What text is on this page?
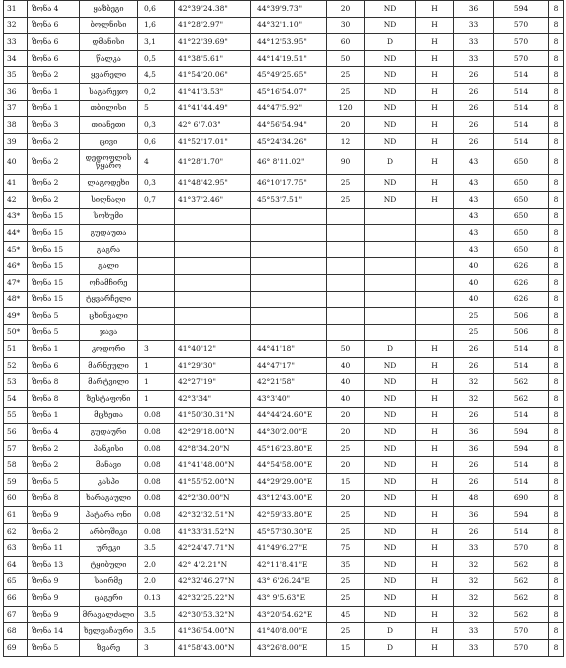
31	ზონა 4	ყაზბეგი	0,6	42°39'24.38"	44°39'9.73"	20	ND	H	36	594	8
32	ზონა 6	ბოლნისი	1,6	41°28'2.97"	44°32'1.10"	30	ND	H	33	570	8
33	ზონა 6	დმანისი	3,1	41°22'39.69"	44°12'53.95"	60	D	H	33	570	8
34	ზონა 6	წალკა	0,5	41°38'5.61"	44°14'19.51"	50	ND	H	33	570	8
35	ზონა 2	ყვარელი	4,5	41°54'20.06"	45°49'25.65"	25	ND	H	26	514	8
36	ზონა 1	საგარეჯო	0,2	41°41'3.53"	45°16'54.07"	25	ND	H	26	514	8
37	ზონა 1	თბილისი	5	41°41'44.49"	44°47'5.92"	120	ND	H	26	514	8
38	ზონა 3	თიანეთი	0,3	42° 6'7.03"	44°56'54.94"	20	ND	H	26	514	8
39	ზონა 2	ცივი	0,6	41°52'17.01"	45°24'34.26"	12	ND	H	26	514	8
40	ზონა 2	დედოფლის წყარო	4	41°28'1.70"	46° 8'11.02"	90	D	H	43	650	8
41	ზონა 2	ლაგოდეხი	0,3	41°48'42.95"	46°10'17.75"	25	ND	H	43	650	8
42	ზონა 2	სიღნაღი	0,7	41°37'2.46"	45°53'7.51"	25	ND	H	43	650	8
43*	ზონა 15	სოხუმი							43	650	8
44*	ზონა 15	გუდაუთა							43	650	8
45*	ზონა 15	გაგრა							43	650	8
46*	ზონა 15	გალი							40	626	8
47*	ზონა 15	ოჩამჩირე							40	626	8
48*	ზონა 15	ტყვარჩელი							40	626	8
49*	ზონა 5	ცხინვალი							25	506	8
50*	ზონა 5	ჯავა							25	506	8
51	ზონა 1	კოდორი	3	41°40'12"	44°41'18"	50	D	H	26	514	8
52	ზონა 6	მარნეული	1	41°29'30"	44°47'17"	40	ND	H	26	514	8
53	ზონა 8	მარტვილი	1	42°27'19"	42°21'58"	40	ND	H	32	562	8
54	ზონა 8	ზესტაფონი	1	42°3'34"	43°3'40"	40	ND	H	32	562	8
55	ზონა 1	მცხეთა	0.08	41°50'30.31"N	44°44'24.60"E	20	ND	H	26	514	8
56	ზონა 4	გუდაური	0.08	42°29'18.00"N	44°30'2.00"E	20	ND	H	36	594	8
57	ზონა 2	პანკისი	0.08	42°8'34.20"N	45°16'23.80"E	25	ND	H	36	594	8
58	ზონა 2	მანავი	0.08	41°41'48.00"N	44°54'58.00"E	20	ND	H	26	514	8
59	ზონა 5	კასპი	0.08	41°55'52.00"N	44°29'29.00"E	15	ND	H	26	514	8
60	ზონა 8	ხარაგაული	0.08	42°2'30.00"N	43°12'43.00"E	20	ND	H	48	690	8
61	ზონა 9	პატარა ონი	0.08	42°32'32.51"N	42°59'33.80"E	25	ND	H	36	594	8
62	ზონა 2	არბოშიკი	0.08	41°33'31.52"N	45°57'30.30"E	25	ND	H	26	514	8
63	ზონა 11	ურეკი	3.5	42°24'47.71"N	41°49'6.27"E	75	ND	H	33	570	8
64	ზონა 13	ტყიბული	2.0	42° 4'2.21"N	42°11'8.41"E	35	ND	H	32	562	8
65	ზონა 9	საირმე	2.0	42°32'46.27"N	43° 6'26.24"E	25	ND	H	32	562	8
66	ზონა 9	ცაგერი	0.13	42°32'25.22"N	43° 9'5.63"E	25	ND	H	32	562	8
67	ზონა 9	მრავალძალი	3.5	42°30'53.32"N	43°20'54.62"E	45	ND	H	32	562	8
68	ზონა 14	ხელვაჩაური	3.5	41°36'54.00"N	41°40'8.00"E	25	D	H	33	570	8
69	ზონა 5	ზვარე	3	41°58'43.00"N	43°26'8.00"E	15	D	H	33	570	8
